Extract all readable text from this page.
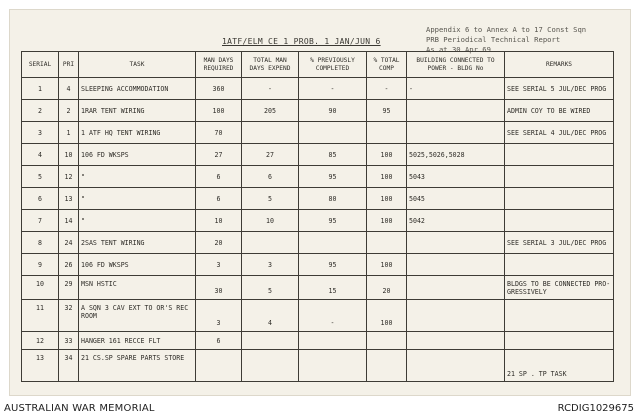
1ATF/ELM CE 1 PROB. 1 JAN/JUN 6
Appendix 6 to Annex A to 17 Const Sqn
PRB Periodical Technical Report
As at 30 Apr 69
SERIAL	PRI	TASK	MAN DAYS REQUIRED	TOTAL MAN DAYS EXPEND	% PREVIOUSLY COMPLETED	% TOTAL COMP	BUILDING CONNECTED TO POWER - BLDG No	REMARKS
1	4	SLEEPING ACCOMMODATION	360	-	-	-	-	SEE SERIAL 5 JUL/DEC PROG
2	2	1RAR TENT WIRING	100	205	90	95		ADMIN COY TO BE WIRED
3	1	1 ATF HQ TENT WIRING	70					SEE SERIAL 4 JUL/DEC PROG
4	10	106 FD WKSPS	27	27	85	100	5025,5026,5028	
5	12	"	6	6	95	100	5043	
6	13	"	6	5	80	100	5045	
7	14	"	10	10	95	100	5042	
8	24	2SAS TENT WIRING	20					SEE SERIAL 3 JUL/DEC PROG
9	26	106 FD WKSPS	3	3	95	100		
10	29	MSN HSTIC	30	5	15	20		BLDGS TO BE CONNECTED PRO-GRESSIVELY
11	32	A SQN 3 CAV EXT TO OR'S REC ROOM	3	4	-	100		
12	33	HANGER 161 RECCE FLT	6					
13	34	21 CS.SP SPARE PARTS STORE						21 SP . TP TASK
AUSTRALIAN WAR MEMORIAL	RCDIG1029675
